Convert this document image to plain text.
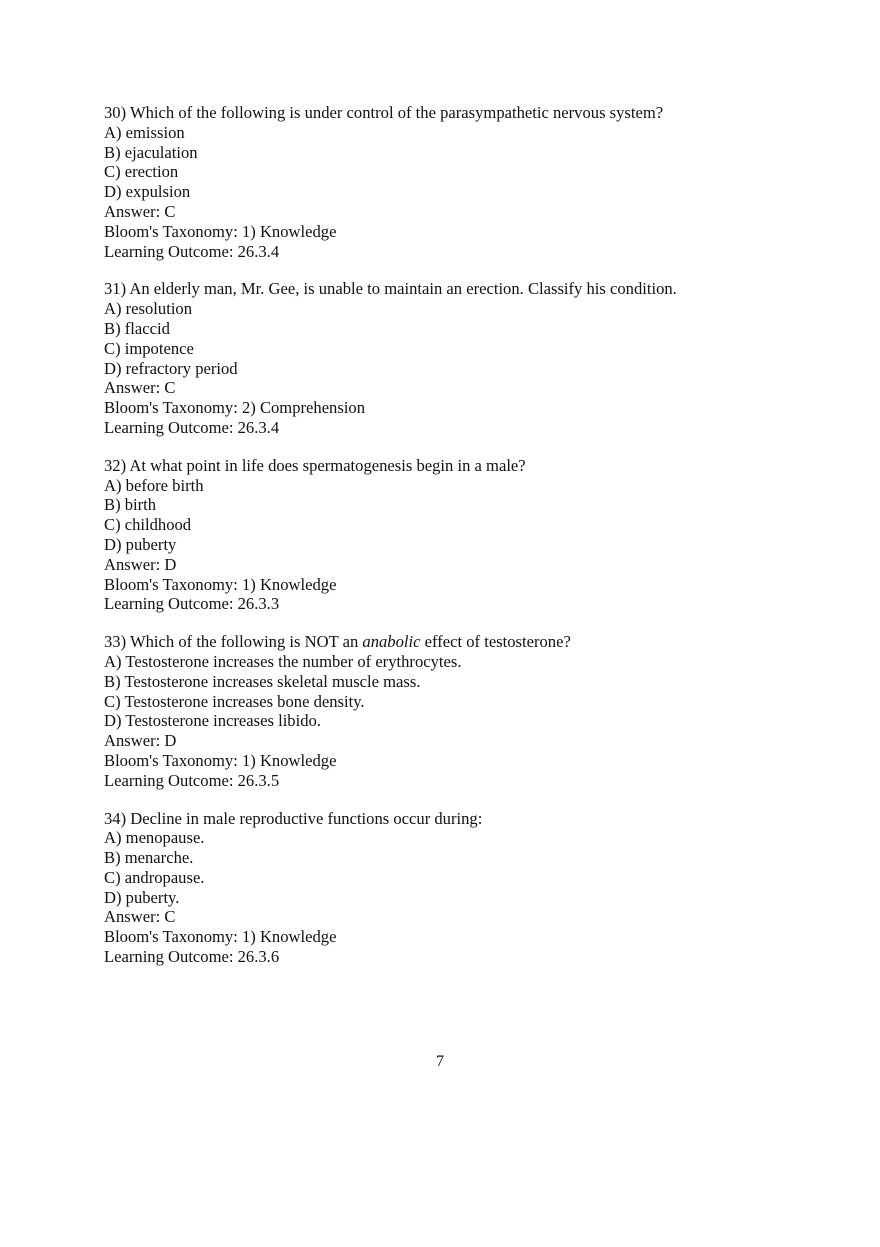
30) Which of the following is under control of the parasympathetic nervous system?
A) emission
B) ejaculation
C) erection
D) expulsion
Answer: C
Bloom's Taxonomy: 1) Knowledge
Learning Outcome: 26.3.4
31) An elderly man, Mr. Gee, is unable to maintain an erection. Classify his condition.
A) resolution
B) flaccid
C) impotence
D) refractory period
Answer: C
Bloom's Taxonomy: 2) Comprehension
Learning Outcome: 26.3.4
32) At what point in life does spermatogenesis begin in a male?
A) before birth
B) birth
C) childhood
D) puberty
Answer: D
Bloom's Taxonomy: 1) Knowledge
Learning Outcome: 26.3.3
33) Which of the following is NOT an anabolic effect of testosterone?
A) Testosterone increases the number of erythrocytes.
B) Testosterone increases skeletal muscle mass.
C) Testosterone increases bone density.
D) Testosterone increases libido.
Answer: D
Bloom's Taxonomy: 1) Knowledge
Learning Outcome: 26.3.5
34) Decline in male reproductive functions occur during:
A) menopause.
B) menarche.
C) andropause.
D) puberty.
Answer: C
Bloom's Taxonomy: 1) Knowledge
Learning Outcome: 26.3.6
7
